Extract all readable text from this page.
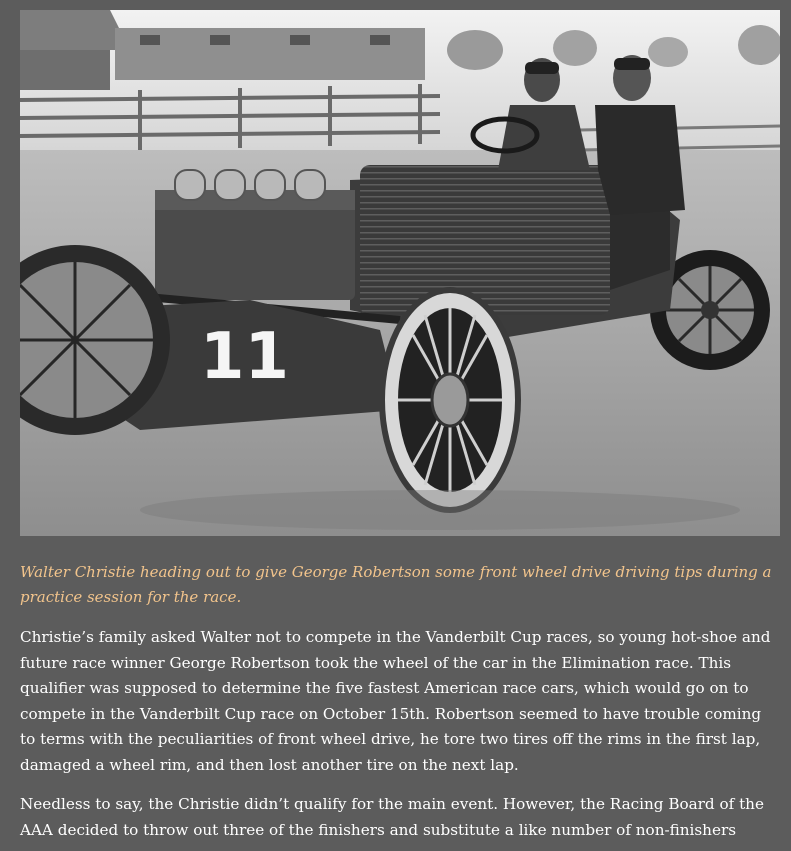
11

Walter Christie heading out to give George Robertson some front wheel drive driving tips during a practice session for the race.

Christie’s family asked Walter not to compete in the Vanderbilt Cup races, so young hot-shoe and future race winner George Robertson took the wheel of the car in the Elimination race. This qualifier was supposed to determine the five fastest American race cars, which would go on to compete in the Vanderbilt Cup race on October 15th. Robertson seemed to have trouble coming to terms with the peculiarities of front wheel drive, he tore two tires off the rims in the first lap, damaged a wheel rim, and then lost another tire on the next lap.

Needless to say, the Christie didn’t qualify for the main event. However, the Racing Board of the AAA decided to throw out three of the finishers and substitute a like number of non-finishers
